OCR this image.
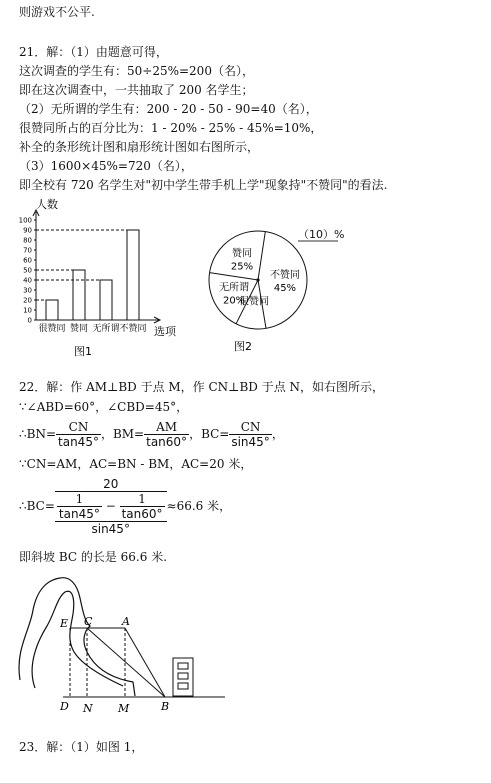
则游戏不公平.
21．解：（1）由题意可得，
这次调查的学生有：50÷25%=200（名），
即在这次调查中，一共抽取了 200 名学生；
（2）无所谓的学生有：200 - 20 - 50 - 90=40（名），
很赞同所占的百分比为：1 - 20% - 25% - 45%=10%，
补全的条形统计图和扇形统计图如右图所示，
（3）1600×45%=720（名），
即全校有 720 名学生对"初中学生带手机上学"现象持"不赞同"的看法.
0
10
20
30
40
50
60
70
80
90
100
很赞同 赞同 无所谓 不赞同
人数
选项
图1
不赞同
45%
很赞同
无所谓
20%
赞同
25%
图2
（10）%
22．解：作 AM⊥BD 于点 M，作 CN⊥BD 于点 N，如右图所示，
∵∠ABD=60°，∠CBD=45°，
∴BN= $\frac{CN}{\tan 45^\circ}$ ，$BM= \frac{AM}{\tan 60^\circ}$ ，$BC= \frac{CN}{\sin 45^\circ}$ ，
∵CN=AM，AC=BN - BM，AC=20 米，
∴BC=
20
$\frac{1}{\tan 45^\circ} - \frac{1}{\tan 60^\circ}$
sin45°
≈66.6 米，
即斜坡 BC 的长是 66.6 米.
E C	A
D N M	B
23．解：（1）如图 1，
